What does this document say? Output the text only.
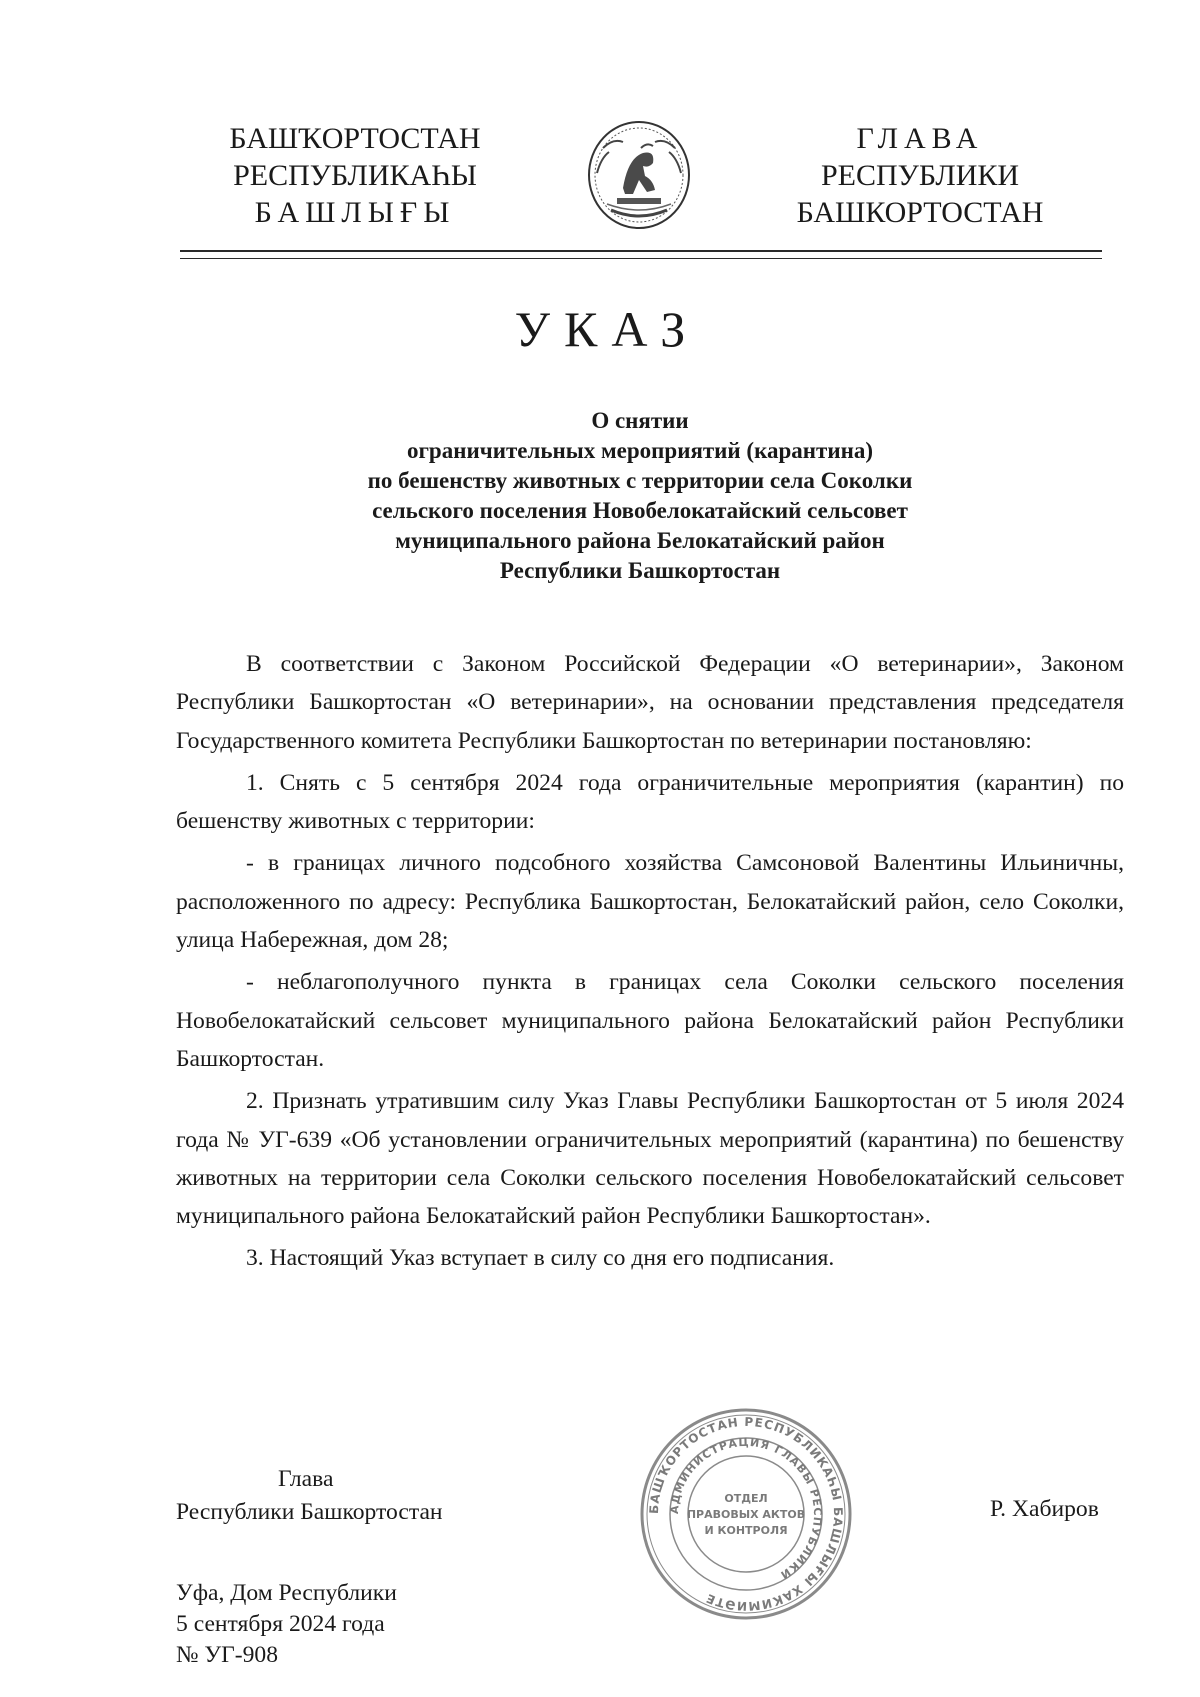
БАШҠОРТОСТАН
РЕСПУБЛИКАҺЫ
БАШЛЫҒЫ
ГЛАВА
РЕСПУБЛИКИ
БАШКОРТОСТАН
УКАЗ
О снятии
ограничительных мероприятий (карантина)
по бешенству животных с территории села Соколки
сельского поселения Новобелокатайский сельсовет
муниципального района Белокатайский район
Республики Башкортостан

В соответствии с Законом Российской Федерации «О ветеринарии», Законом Республики Башкортостан «О ветеринарии», на основании представления председателя Государственного комитета Республики Башкортостан по ветеринарии постановляю:

1. Снять с 5 сентября 2024 года ограничительные мероприятия (карантин) по бешенству животных с территории:

- в границах личного подсобного хозяйства Самсоновой Валентины Ильиничны, расположенного по адресу: Республика Башкортостан, Белокатайский район, село Соколки, улица Набережная, дом 28;

- неблагополучного пункта в границах села Соколки сельского поселения Новобелокатайский сельсовет муниципального района Белокатайский район Республики Башкортостан.

2. Признать утратившим силу Указ Главы Республики Башкортостан от 5 июля 2024 года № УГ-639 «Об установлении ограничительных мероприятий (карантина) по бешенству животных на территории села Соколки сельского поселения Новобелокатайский сельсовет муниципального района Белокатайский район Республики Башкортостан».

3. Настоящий Указ вступает в силу со дня его подписания.

Глава
Республики Башкортостан	БАШҠОРТОСТАН РЕСПУБЛИКАҺЫ БАШЛЫҒЫ ХАКИМИӘТЕ
АДМИНИСТРАЦИЯ ГЛАВЫ РЕСПУБЛИКИ
ОТДЕЛ
ПРАВОВЫХ АКТОВ
И КОНТРОЛЯ
Р. Хабиров
Уфа, Дом Республики
5 сентября 2024 года
№ УГ-908
